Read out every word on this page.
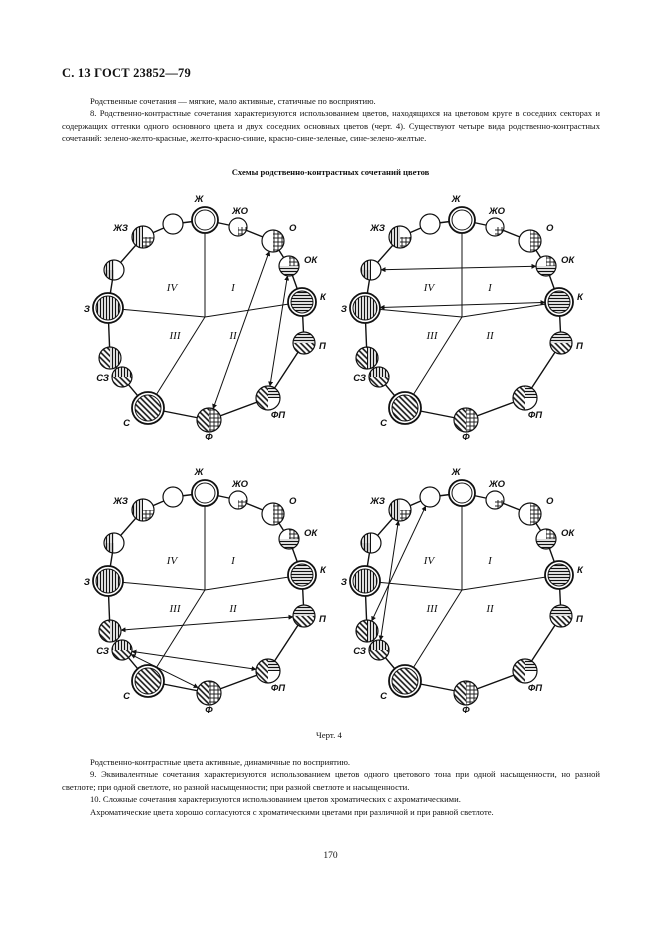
С. 13 ГОСТ 23852—79

Родственные сочетания — мягкие, мало активные, статичные по восприятию.

8. Родственно-контрастные сочетания характеризуются использованием цветов, находящихся на цветовом круге в соседних секторах и содержащих оттенки одного основного цвета и двух соседних основных цветов (черт. 4). Существуют четыре вида родственно-контрастных сочетаний: зелено-желто-красные, желто-красно-синие, красно-сине-зеленые, сине-зелено-желтые.

Схемы родственно-контрастных сочетаний цветов
Ж
ЖО
О
ОК
К
П
ФП
Ф
С
СЗ
З
ЖЗ
I
II
III
IV
Ж
ЖО
О
ОК
К
П
ФП
Ф
С
СЗ
З
ЖЗ
I
II
III
IV
Ж
ЖО
О
ОК
К
П
ФП
Ф
С
СЗ
З
ЖЗ
I
II
III
IV
Ж
ЖО
О
ОК
К
П
ФП
Ф
С
СЗ
З
ЖЗ
I
II
III
IV
Черт. 4

Родственно-контрастные цвета активные, динамичные по восприятию.

9. Эквивалентные сочетания характеризуются использованием цветов одного цветового тона при одной насыщенности, но разной светлоте; при одной светлоте, но разной насыщенности; при разной светлоте и насыщенности.

10. Сложные сочетания характеризуются использованием цветов хроматических с ахроматическими.

Ахроматические цвета хорошо согласуются с хроматическими цветами при различной и при равной светлоте.

170
